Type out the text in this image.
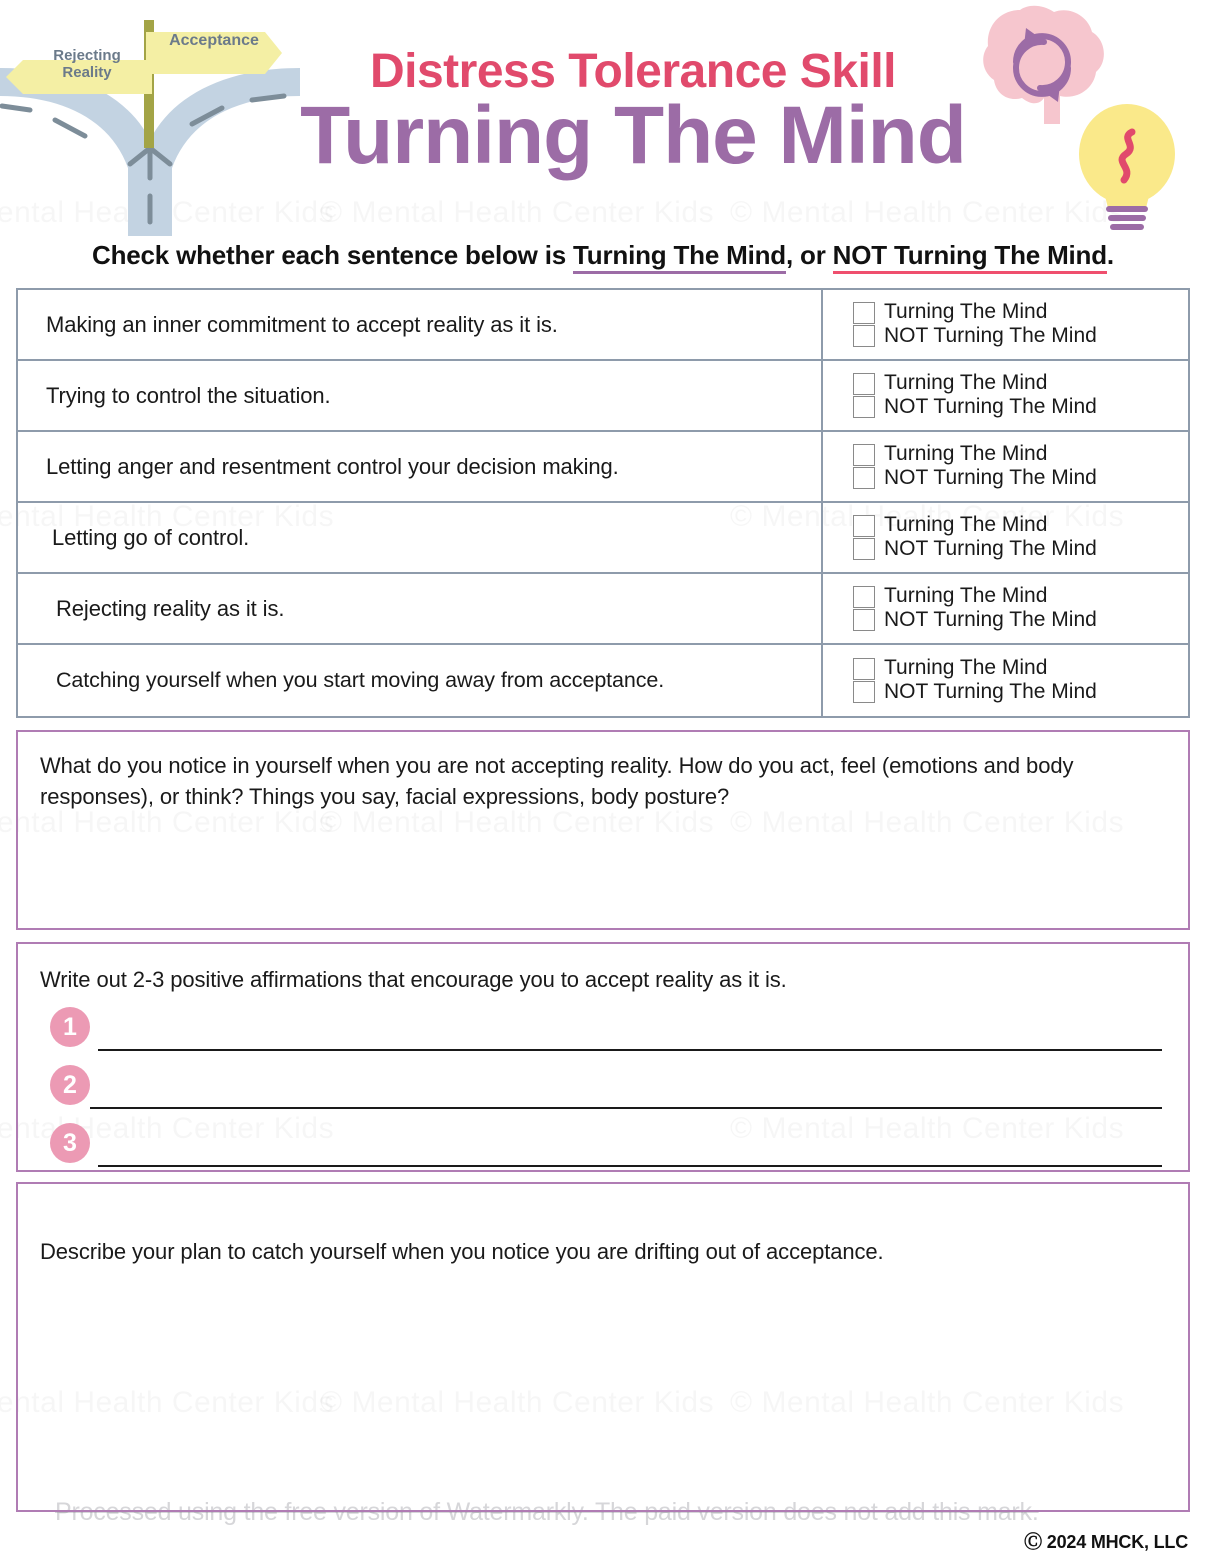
Processed using the free version of Watermarkly. The paid version does not add this mark.
Acceptance
Rejecting
Reality	Distress Tolerance Skill
Turning The Mind
Check whether each sentence below is Turning The Mind, or NOT Turning The Mind.
Making an inner commitment to accept reality as it is.	Turning The Mind
NOT Turning The Mind
Trying to control the situation.	Turning The Mind
NOT Turning The Mind
Letting anger and resentment control your decision making.	Turning The Mind
NOT Turning The Mind
Letting go of control.	Turning The Mind
NOT Turning The Mind
Rejecting reality as it is.	Turning The Mind
NOT Turning The Mind
Catching yourself when you start moving away from acceptance.
Turning The Mind
NOT Turning The Mind
What do you notice in yourself when you are not accepting reality. How do you act, feel (emotions and body responses), or think? Things you say, facial expressions, body posture?
Write out 2-3 positive affirmations that encourage you to accept reality as it is.
1
2
3
Describe your plan to catch yourself when you notice you are drifting out of acceptance.
Ⓒ 2024 MHCK, LLC
